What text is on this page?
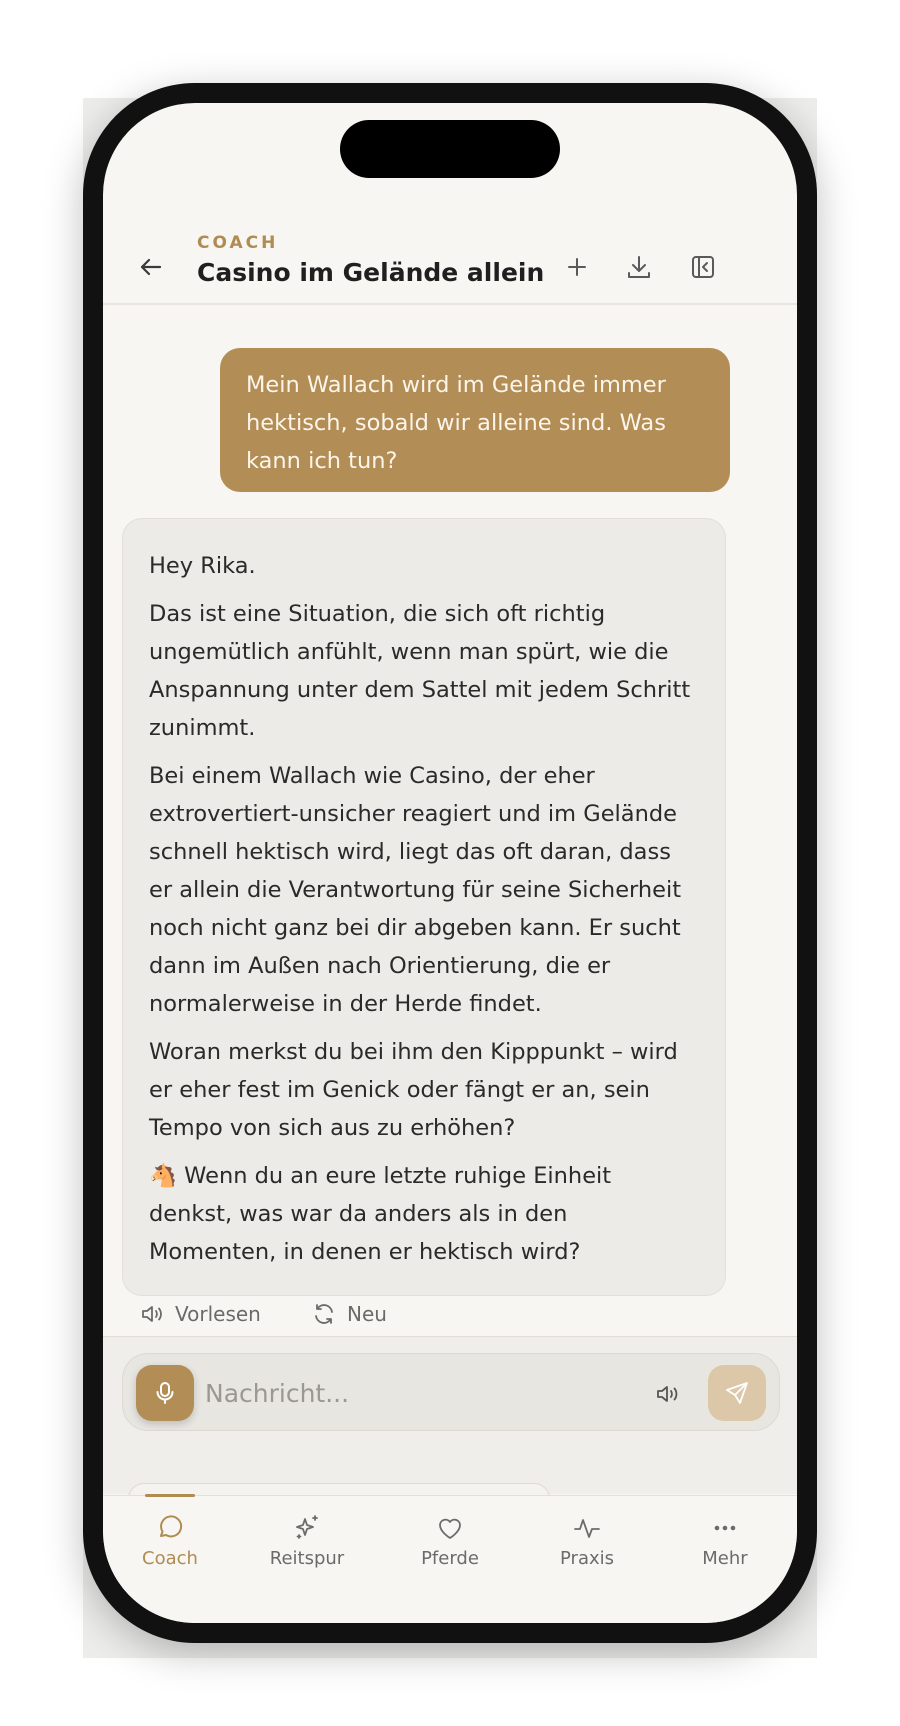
COACH
Casino im Gelände allein
Mein Wallach wird im Gelände immer hektisch, sobald wir alleine sind. Was kann ich tun?

Hey Rika.

Das ist eine Situation, die sich oft richtig ungemütlich anfühlt, wenn man spürt, wie die Anspannung unter dem Sattel mit jedem Schritt zunimmt.

Bei einem Wallach wie Casino, der eher extrovertiert-unsicher reagiert und im Gelände schnell hektisch wird, liegt das oft daran, dass er allein die Verantwortung für seine Sicherheit noch nicht ganz bei dir abgeben kann. Er sucht dann im Außen nach Orientierung, die er normalerweise in der Herde findet.

Woran merkst du bei ihm den Kipppunkt – wird er eher fest im Genick oder fängt er an, sein Tempo von sich aus zu erhöhen?

🐴 Wenn du an eure letzte ruhige Einheit denkst, was war da anders als in den Momenten, in denen er hektisch wird?

Vorlesen	Neu
Nachricht...
Coach	Reitspur	Pferde	Praxis	Mehr
